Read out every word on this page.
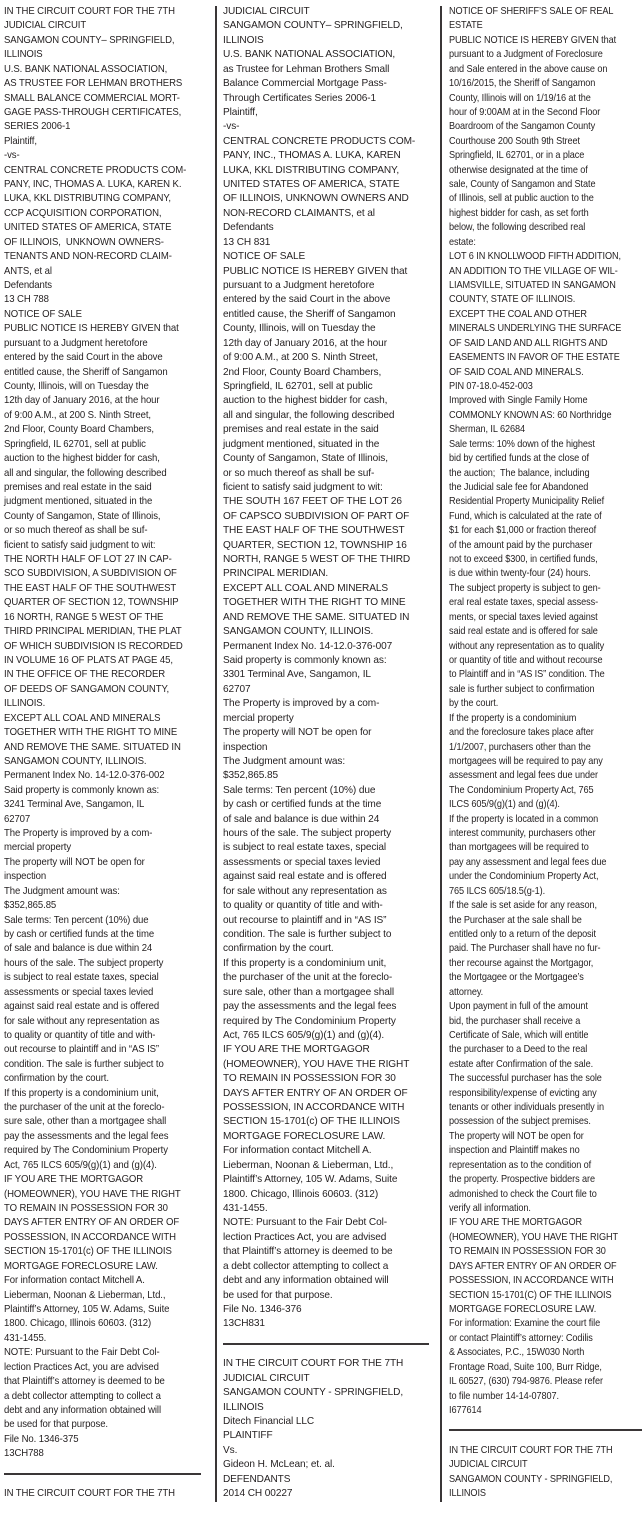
IN THE CIRCUIT COURT FOR THE 7TH
JUDICIAL CIRCUIT
SANGAMON COUNTY– SPRINGFIELD,
ILLINOIS
U.S. BANK NATIONAL ASSOCIATION,
AS TRUSTEE FOR LEHMAN BROTHERS
SMALL BALANCE COMMERCIAL MORT-
GAGE PASS-THROUGH CERTIFICATES,
SERIES 2006-1
Plaintiff,
-vs-
CENTRAL CONCRETE PRODUCTS COM-
PANY, INC, THOMAS A. LUKA, KAREN K.
LUKA, KKL DISTRIBUTING COMPANY,
CCP ACQUISITION CORPORATION,
UNITED STATES OF AMERICA, STATE
OF ILLINOIS,  UNKNOWN OWNERS-
TENANTS AND NON-RECORD CLAIM-
ANTS, et al
Defendants
13 CH 788
NOTICE OF SALE
PUBLIC NOTICE IS HEREBY GIVEN that
pursuant to a Judgment heretofore
entered by the said Court in the above
entitled cause, the Sheriff of Sangamon
County, Illinois, will on Tuesday the
12th day of January 2016, at the hour
of 9:00 A.M., at 200 S. Ninth Street,
2nd Floor, County Board Chambers,
Springfield, IL 62701, sell at public
auction to the highest bidder for cash,
all and singular, the following described
premises and real estate in the said
judgment mentioned, situated in the
County of Sangamon, State of Illinois,
or so much thereof as shall be suf-
ficient to satisfy said judgment to wit:
THE NORTH HALF OF LOT 27 IN CAP-
SCO SUBDIVISION, A SUBDIVISION OF
THE EAST HALF OF THE SOUTHWEST
QUARTER OF SECTION 12, TOWNSHIP
16 NORTH, RANGE 5 WEST OF THE
THIRD PRINCIPAL MERIDIAN, THE PLAT
OF WHICH SUBDIVISION IS RECORDED
IN VOLUME 16 OF PLATS AT PAGE 45,
IN THE OFFICE OF THE RECORDER
OF DEEDS OF SANGAMON COUNTY,
ILLINOIS.
EXCEPT ALL COAL AND MINERALS
TOGETHER WITH THE RIGHT TO MINE
AND REMOVE THE SAME. SITUATED IN
SANGAMON COUNTY, ILLINOIS.
Permanent Index No. 14-12.0-376-002
Said property is commonly known as:
3241 Terminal Ave, Sangamon, IL
62707
The Property is improved by a com-
mercial property
The property will NOT be open for
inspection
The Judgment amount was:
$352,865.85
Sale terms: Ten percent (10%) due
by cash or certified funds at the time
of sale and balance is due within 24
hours of the sale. The subject property
is subject to real estate taxes, special
assessments or special taxes levied
against said real estate and is offered
for sale without any representation as
to quality or quantity of title and with-
out recourse to plaintiff and in “AS IS”
condition. The sale is further subject to
confirmation by the court.
If this property is a condominium unit,
the purchaser of the unit at the foreclo-
sure sale, other than a mortgagee shall
pay the assessments and the legal fees
required by The Condominium Property
Act, 765 ILCS 605/9(g)(1) and (g)(4).
IF YOU ARE THE MORTGAGOR
(HOMEOWNER), YOU HAVE THE RIGHT
TO REMAIN IN POSSESSION FOR 30
DAYS AFTER ENTRY OF AN ORDER OF
POSSESSION, IN ACCORDANCE WITH
SECTION 15-1701(c) OF THE ILLINOIS
MORTGAGE FORECLOSURE LAW.
For information contact Mitchell A.
Lieberman, Noonan & Lieberman, Ltd.,
Plaintiff’s Attorney, 105 W. Adams, Suite
1800. Chicago, Illinois 60603. (312)
431-1455.
NOTE: Pursuant to the Fair Debt Col-
lection Practices Act, you are advised
that Plaintiff’s attorney is deemed to be
a debt collector attempting to collect a
debt and any information obtained will
be used for that purpose.
File No. 1346-375
13CH788
IN THE CIRCUIT COURT FOR THE 7TH
JUDICIAL CIRCUIT
SANGAMON COUNTY– SPRINGFIELD,
ILLINOIS
U.S. BANK NATIONAL ASSOCIATION,
as Trustee for Lehman Brothers Small
Balance Commercial Mortgage Pass-
Through Certificates Series 2006-1
Plaintiff,
-vs-
CENTRAL CONCRETE PRODUCTS COM-
PANY, INC., THOMAS A. LUKA, KAREN
LUKA, KKL DISTRIBUTING COMPANY,
UNITED STATES OF AMERICA, STATE
OF ILLINOIS, UNKNOWN OWNERS AND
NON-RECORD CLAIMANTS, et al
Defendants
13 CH 831
NOTICE OF SALE
PUBLIC NOTICE IS HEREBY GIVEN that
pursuant to a Judgment heretofore
entered by the said Court in the above
entitled cause, the Sheriff of Sangamon
County, Illinois, will on Tuesday the
12th day of January 2016, at the hour
of 9:00 A.M., at 200 S. Ninth Street,
2nd Floor, County Board Chambers,
Springfield, IL 62701, sell at public
auction to the highest bidder for cash,
all and singular, the following described
premises and real estate in the said
judgment mentioned, situated in the
County of Sangamon, State of Illinois,
or so much thereof as shall be suf-
ficient to satisfy said judgment to wit:
THE SOUTH 167 FEET OF THE LOT 26
OF CAPSCO SUBDIVISION OF PART OF
THE EAST HALF OF THE SOUTHWEST
QUARTER, SECTION 12, TOWNSHIP 16
NORTH, RANGE 5 WEST OF THE THIRD
PRINCIPAL MERIDIAN.
EXCEPT ALL COAL AND MINERALS
TOGETHER WITH THE RIGHT TO MINE
AND REMOVE THE SAME. SITUATED IN
SANGAMON COUNTY, ILLINOIS.
Permanent Index No. 14-12.0-376-007
Said property is commonly known as:
3301 Terminal Ave, Sangamon, IL
62707
The Property is improved by a com-
mercial property
The property will NOT be open for
inspection
The Judgment amount was:
$352,865.85
Sale terms: Ten percent (10%) due
by cash or certified funds at the time
of sale and balance is due within 24
hours of the sale. The subject property
is subject to real estate taxes, special
assessments or special taxes levied
against said real estate and is offered
for sale without any representation as
to quality or quantity of title and with-
out recourse to plaintiff and in “AS IS”
condition. The sale is further subject to
confirmation by the court.
If this property is a condominium unit,
the purchaser of the unit at the foreclo-
sure sale, other than a mortgagee shall
pay the assessments and the legal fees
required by The Condominium Property
Act, 765 ILCS 605/9(g)(1) and (g)(4).
IF YOU ARE THE MORTGAGOR
(HOMEOWNER), YOU HAVE THE RIGHT
TO REMAIN IN POSSESSION FOR 30
DAYS AFTER ENTRY OF AN ORDER OF
POSSESSION, IN ACCORDANCE WITH
SECTION 15-1701(c) OF THE ILLINOIS
MORTGAGE FORECLOSURE LAW.
For information contact Mitchell A.
Lieberman, Noonan & Lieberman, Ltd.,
Plaintiff’s Attorney, 105 W. Adams, Suite
1800. Chicago, Illinois 60603. (312)
431-1455.
NOTE: Pursuant to the Fair Debt Col-
lection Practices Act, you are advised
that Plaintiff’s attorney is deemed to be
a debt collector attempting to collect a
debt and any information obtained will
be used for that purpose.
File No. 1346-376
13CH831
IN THE CIRCUIT COURT FOR THE 7TH
JUDICIAL CIRCUIT
SANGAMON COUNTY - SPRINGFIELD,
ILLINOIS
Ditech Financial LLC
PLAINTIFF
Vs.
Gideon H. McLean; et. al.
DEFENDANTS
2014 CH 00227
NOTICE OF SHERIFF’S SALE OF REAL
ESTATE
PUBLIC NOTICE IS HEREBY GIVEN that
pursuant to a Judgment of Foreclosure
and Sale entered in the above cause on
10/16/2015, the Sheriff of Sangamon
County, Illinois will on 1/19/16 at the
hour of 9:00AM at in the Second Floor
Boardroom of the Sangamon County
Courthouse 200 South 9th Street
Springfield, IL 62701, or in a place
otherwise designated at the time of
sale, County of Sangamon and State
of Illinois, sell at public auction to the
highest bidder for cash, as set forth
below, the following described real
estate:
LOT 6 IN KNOLLWOOD FIFTH ADDITION,
AN ADDITION TO THE VILLAGE OF WIL-
LIAMSVILLE, SITUATED IN SANGAMON
COUNTY, STATE OF ILLINOIS.
EXCEPT THE COAL AND OTHER
MINERALS UNDERLYING THE SURFACE
OF SAID LAND AND ALL RIGHTS AND
EASEMENTS IN FAVOR OF THE ESTATE
OF SAID COAL AND MINERALS.
PIN 07-18.0-452-003
Improved with Single Family Home
COMMONLY KNOWN AS: 60 Northridge
Sherman, IL 62684
Sale terms: 10% down of the highest
bid by certified funds at the close of
the auction;  The balance, including
the Judicial sale fee for Abandoned
Residential Property Municipality Relief
Fund, which is calculated at the rate of
$1 for each $1,000 or fraction thereof
of the amount paid by the purchaser
not to exceed $300, in certified funds,
is due within twenty-four (24) hours.
The subject property is subject to gen-
eral real estate taxes, special assess-
ments, or special taxes levied against
said real estate and is offered for sale
without any representation as to quality
or quantity of title and without recourse
to Plaintiff and in “AS IS” condition. The
sale is further subject to confirmation
by the court.
If the property is a condominium
and the foreclosure takes place after
1/1/2007, purchasers other than the
mortgagees will be required to pay any
assessment and legal fees due under
The Condominium Property Act, 765
ILCS 605/9(g)(1) and (g)(4).
If the property is located in a common
interest community, purchasers other
than mortgagees will be required to
pay any assessment and legal fees due
under the Condominium Property Act,
765 ILCS 605/18.5(g-1).
If the sale is set aside for any reason,
the Purchaser at the sale shall be
entitled only to a return of the deposit
paid. The Purchaser shall have no fur-
ther recourse against the Mortgagor,
the Mortgagee or the Mortgagee’s
attorney.
Upon payment in full of the amount
bid, the purchaser shall receive a
Certificate of Sale, which will entitle
the purchaser to a Deed to the real
estate after Confirmation of the sale.
The successful purchaser has the sole
responsibility/expense of evicting any
tenants or other individuals presently in
possession of the subject premises.
The property will NOT be open for
inspection and Plaintiff makes no
representation as to the condition of
the property. Prospective bidders are
admonished to check the Court file to
verify all information.
IF YOU ARE THE MORTGAGOR
(HOMEOWNER), YOU HAVE THE RIGHT
TO REMAIN IN POSSESSION FOR 30
DAYS AFTER ENTRY OF AN ORDER OF
POSSESSION, IN ACCORDANCE WITH
SECTION 15-1701(C) OF THE ILLINOIS
MORTGAGE FORECLOSURE LAW.
For information: Examine the court file
or contact Plaintiff’s attorney: Codilis
& Associates, P.C., 15W030 North
Frontage Road, Suite 100, Burr Ridge,
IL 60527, (630) 794-9876. Please refer
to file number 14-14-07807.
I677614
IN THE CIRCUIT COURT FOR THE 7TH
JUDICIAL CIRCUIT
SANGAMON COUNTY - SPRINGFIELD,
ILLINOIS
